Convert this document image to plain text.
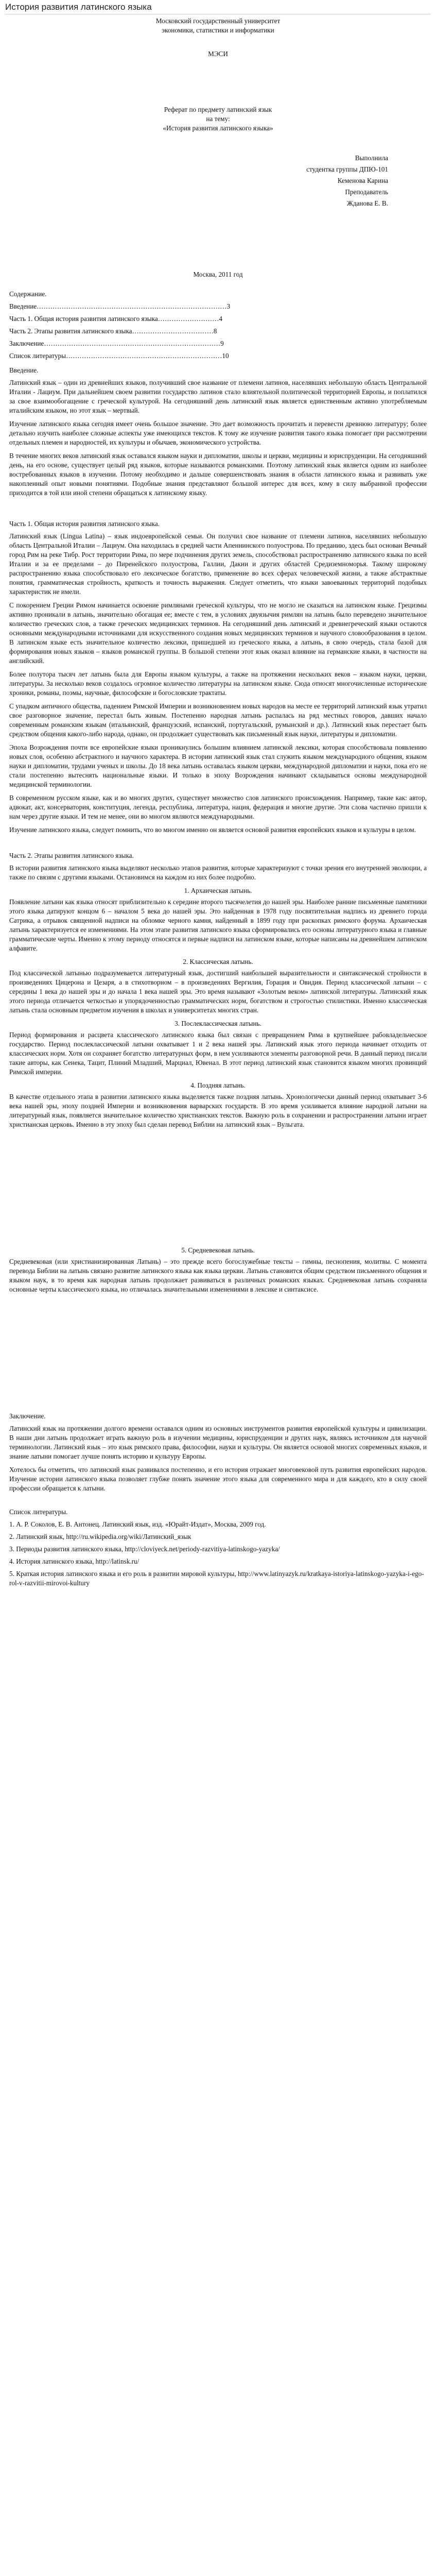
История развития латинского языка
Московский государственный университет
экономики, статистики и информатики
МЭСИ
Реферат по предмету латинский язык
на тему:
«История развития латинского языка»
Выполнила
студентка группы ДПЮ-101
Кеменова Карина
Преподаватель
Жданова Е. В.
Москва, 2011 год
Содержание.
Введение…………………………………………………………………………3
Часть 1. Общая история развития латинского языка………………………4
Часть 2. Этапы развития латинского языка………………………………8
Заключение……………………………………………………………………9
Список литературы……………………………………………………………10
Введение.

Латинский язык – один из древнейших языков, получивший свое название от племени латинов, населявших небольшую область Центральной Италии - Лациум. При дальнейшем своем развитии государство латинов стало влиятельной политической территорией Европы, и поплатился за свое взаимообогащение с греческой культурой. На сегодняшний день латинский язык является единственным активно употребляемым италийским языком, но этот язык – мертвый.

Изучение латинского языка сегодня имеет очень большое значение. Это дает возможность прочитать и перевести древнюю литературу; более детально изучить наиболее сложные аспекты уже имеющихся текстов. К тому же изучение развития такого языка помогает при рассмотрении отдельных племен и народностей, их культуры и обычаев, экономического устройства.

В течение многих веков латинский язык оставался языком науки и дипломатии, школы и церкви, медицины и юриспруденции. На сегодняшний день, на его основе, существует целый ряд языков, которые называются романскими. Поэтому латинский язык является одним из наиболее востребованных языков в изучении. Потому необходимо и дальше совершенствовать знания в области латинского языка и развивать уже накопленный опыт новыми понятиями. Подобные знания представляют большой интерес для всех, кому в силу выбранной профессии приходится в той или иной степени обращаться к латинскому языку.

Часть 1. Общая история развития латинского языка.

Латинский язык (Lingua Latina) – язык индоевропейской семьи. Он получил свое название от племени латинов, населявших небольшую область Центральной Италии – Лациум. Она находилась в средней части Апеннинского полуострова. По преданию, здесь был основан Вечный город Рим на реке Тибр. Рост территории Рима, по мере подчинения других земель, способствовал распространению латинского языка по всей Италии и за ее пределами – до Пиренейского полуострова, Галлии, Дакии и других областей Средиземноморья. Такому широкому распространению языка способствовало его лексическое богатство, применение во всех сферах человеческой жизни, а также абстрактные понятия, грамматическая стройность, краткость и точность выражения. Следует отметить, что языки завоеванных территорий подобных характеристик не имели.

С покорением Греции Римом начинается освоение римлянами греческой культуры, что не могло не сказаться на латинском языке. Грецизмы активно проникали в латынь, значительно обогащая ее; вместе с тем, в условиях двуязычия римлян на латынь было переведено значительное количество греческих слов, а также греческих медицинских терминов. На сегодняшний день латинский и древнегреческий языки остаются основными международными источниками для искусственного создания новых медицинских терминов и научного словообразования в целом. В латинском языке есть значительное количество лексики, пришедшей из греческого языка, а латынь, в свою очередь, стала базой для формирования новых языков – языков романской группы. В большой степени этот язык оказал влияние на германские языки, в частности на английский.

Более полутора тысяч лет латынь была для Европы языком культуры, а также на протяжении нескольких веков – языком науки, церкви, литературы. За несколько веков создалось огромное количество литературы на латинском языке. Сюда относят многочисленные исторические хроники, романы, поэмы, научные, философские и богословские трактаты.

С упадком античного общества, падением Римской Империи и возникновением новых народов на месте ее территорий латинский язык утратил свое разговорное значение, перестал быть живым. Постепенно народная латынь распалась на ряд местных говоров, давших начало современным романским языкам (итальянский, французский, испанский, португальский, румынский и др.). Латинский язык перестает быть средством общения какого-либо народа, однако, он продолжает существовать как письменный язык науки, литературы и дипломатии.

Эпоха Возрождения почти все европейские языки проникнулись большим влиянием латинской лексики, которая способствовала появлению новых слов, особенно абстрактного и научного характера. В истории латинский язык стал служить языком международного общения, языком науки и дипломатии, трудами ученых и школы. До 18 века латынь оставалась языком церкви, международной дипломатии и науки, пока его не стали постепенно вытеснять национальные языки. И только в эпоху Возрождения начинают складываться основы международной медицинской терминологии.

В современном русском языке, как и во многих других, существует множество слов латинского происхождения. Например, такие как: автор, адвокат, акт, консерватория, конституция, легенда, республика, литература, нация, федерация и многие другие. Эти слова частично пришли к нам через другие языки. И тем не менее, они во многом являются международными.

Изучение латинского языка, следует помнить, что во многом именно он является основой развития европейских языков и культуры в целом.

Часть 2. Этапы развития латинского языка.

В истории развития латинского языка выделяют несколько этапов развития, которые характеризуют с точки зрения его внутренней эволюции, а также по связям с другими языками. Остановимся на каждом из них более подробно.

1. Архаическая латынь.

Появление латыни как языка относят приблизительно к середине второго тысячелетия до нашей эры. Наиболее ранние письменные памятники этого языка датируют концом 6 – началом 5 века до нашей эры. Это найденная в 1978 году посвятительная надпись из древнего города Сатрика, а отрывок священной надписи на обломке черного камня, найденный в 1899 году при раскопках римского форума. Архаическая латынь характеризуется ее изменениями. На этом этапе развития латинского языка сформировались его основы литературного языка и главные грамматические черты. Именно к этому периоду относятся и первые надписи на латинском языке, которые написаны на древнейшем латинском алфавите.

2. Классическая латынь.

Под классической латынью подразумевается литературный язык, достигший наибольшей выразительности и синтаксической стройности в произведениях Цицерона и Цезаря, а в стихотворном – в произведениях Вергилия, Горация и Овидия. Период классической латыни – с середины 1 века до нашей эры и до начала 1 века нашей эры. Это время называют «Золотым веком» латинской литературы. Латинский язык этого периода отличается четкостью и упорядоченностью грамматических норм, богатством и строгостью стилистики. Именно классическая латынь стала основным предметом изучения в школах и университетах многих стран.

3. Послеклассическая латынь.

Период формирования и расцвета классического латинского языка был связан с превращением Рима в крупнейшее рабовладельческое государство. Период послеклассической латыни охватывает 1 и 2 века нашей эры. Латинский язык этого периода начинает отходить от классических норм. Хотя он сохраняет богатство литературных форм, в нем усиливаются элементы разговорной речи. В данный период писали такие авторы, как Сенека, Тацит, Плиний Младший, Марциал, Ювенал. В этот период латинский язык становится языком многих провинций Римской империи.

4. Поздняя латынь.

В качестве отдельного этапа в развитии латинского языка выделяется также поздняя латынь. Хронологически данный период охватывает 3-6 века нашей эры, эпоху поздней Империи и возникновения варварских государств. В это время усиливается влияние народной латыни на литературный язык, появляется значительное количество христианских текстов. Важную роль в сохранении и распространении латыни играет христианская церковь. Именно в эту эпоху был сделан перевод Библии на латинский язык – Вульгата.

5. Средневековая латынь.

Средневековая (или христианизированная Латынь) – это прежде всего богослужебные тексты – гимны, песнопения, молитвы. С момента перевода Библии на латынь связано развитие латинского языка как языка церкви. Латынь становится общим средством письменного общения и языком наук, в то время как народная латынь продолжает развиваться в различных романских языках. Средневековая латынь сохраняла основные черты классического языка, но отличалась значительными изменениями в лексике и синтаксисе.

Заключение.

Латинский язык на протяжении долгого времени оставался одним из основных инструментов развития европейской культуры и цивилизации. В наши дни латынь продолжает играть важную роль в изучении медицины, юриспруденции и других наук, являясь источником для научной терминологии. Латинский язык – это язык римского права, философии, науки и культуры. Он является основой многих современных языков, и знание латыни помогает лучше понять историю и культуру Европы.

Хотелось бы отметить, что латинский язык развивался постепенно, и его история отражает многовековой путь развития европейских народов. Изучение истории латинского языка позволяет глубже понять значение этого языка для современного мира и для каждого, кто в силу своей профессии обращается к латыни.

Список литературы.
1. А. Р. Соколов, Е. В. Антонец. Латинский язык, изд. «Юрайт-Издат», Москва, 2009 год.
2. Латинский язык, http://ru.wikipedia.org/wiki/Латинский_язык
3. Периоды развития латинского языка, http://cloviyeck.net/periody-razvitiya-latinskogo-yazyka/
4. История латинского языка, http://latinsk.ru/
5. Краткая история латинского языка и его роль в развитии мировой культуры, http://www.latinyazyk.ru/kratkaya-istoriya-latinskogo-yazyka-i-ego-rol-v-razvitii-mirovoi-kultury
